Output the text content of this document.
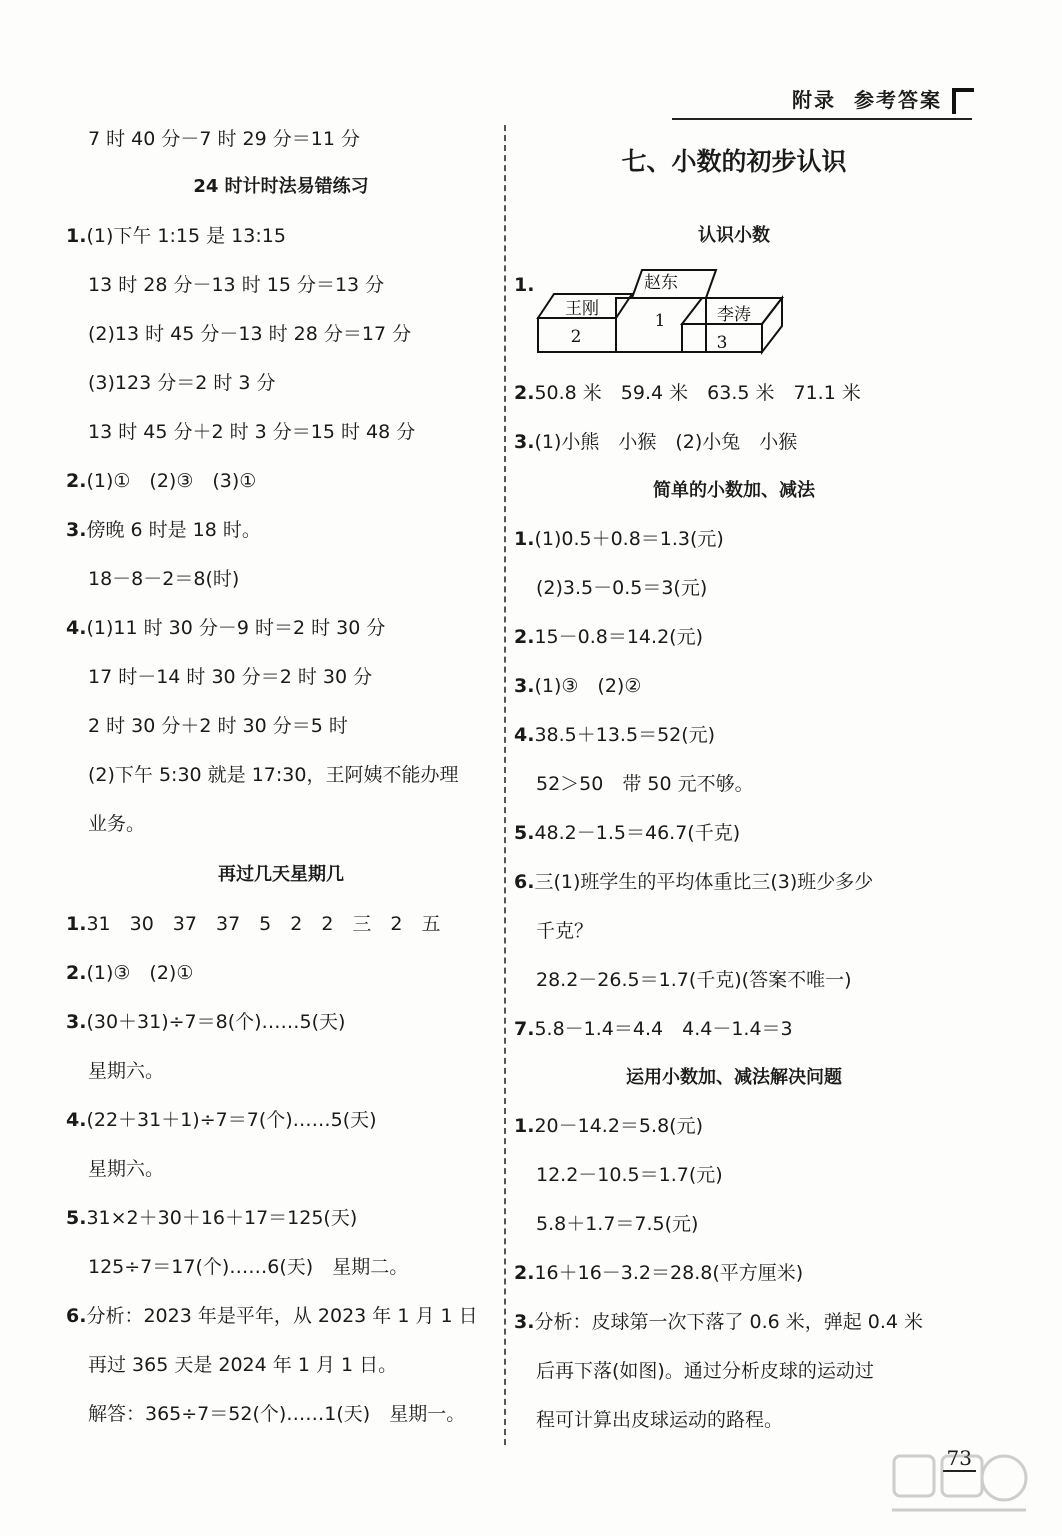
附录 参考答案
7 时 40 分－7 时 29 分＝11 分
24 时计时法易错练习
1.(1)下午 1:15 是 13:15
13 时 28 分－13 时 15 分＝13 分
(2)13 时 45 分－13 时 28 分＝17 分
(3)123 分＝2 时 3 分
13 时 45 分＋2 时 3 分＝15 时 48 分
2.(1)①　(2)③　(3)①
3.傍晚 6 时是 18 时。
18－8－2＝8(时)
4.(1)11 时 30 分－9 时＝2 时 30 分
17 时－14 时 30 分＝2 时 30 分
2 时 30 分＋2 时 30 分＝5 时
(2)下午 5:30 就是 17:30，王阿姨不能办理
业务。
再过几天星期几
1.31　30　37　37　5　2　2　三　2　五
2.(1)③　(2)①
3.(30＋31)÷7＝8(个)……5(天)
星期六。
4.(22＋31＋1)÷7＝7(个)……5(天)
星期六。
5.31×2＋30＋16＋17＝125(天)
125÷7＝17(个)……6(天)　星期二。
6.分析：2023 年是平年，从 2023 年 1 月 1 日
再过 365 天是 2024 年 1 月 1 日。
解答：365÷7＝52(个)……1(天)　星期一。
七、小数的初步认识
认识小数
1.	赵东
1
王刚
2
李涛
3
2.50.8 米　59.4 米　63.5 米　71.1 米
3.(1)小熊　小猴　(2)小兔　小猴
简单的小数加、减法
1.(1)0.5＋0.8＝1.3(元)
(2)3.5－0.5＝3(元)
2.15－0.8＝14.2(元)
3.(1)③　(2)②
4.38.5＋13.5＝52(元)
52＞50　带 50 元不够。
5.48.2－1.5＝46.7(千克)
6.三(1)班学生的平均体重比三(3)班少多少
千克？
28.2－26.5＝1.7(千克)(答案不唯一)
7.5.8－1.4＝4.4　4.4－1.4＝3
运用小数加、减法解决问题
1.20－14.2＝5.8(元)
12.2－10.5＝1.7(元)
5.8＋1.7＝7.5(元)
2.16＋16－3.2＝28.8(平方厘米)
3.分析：皮球第一次下落了 0.6 米，弹起 0.4 米
后再下落(如图)。通过分析皮球的运动过
程可计算出皮球运动的路程。
73
